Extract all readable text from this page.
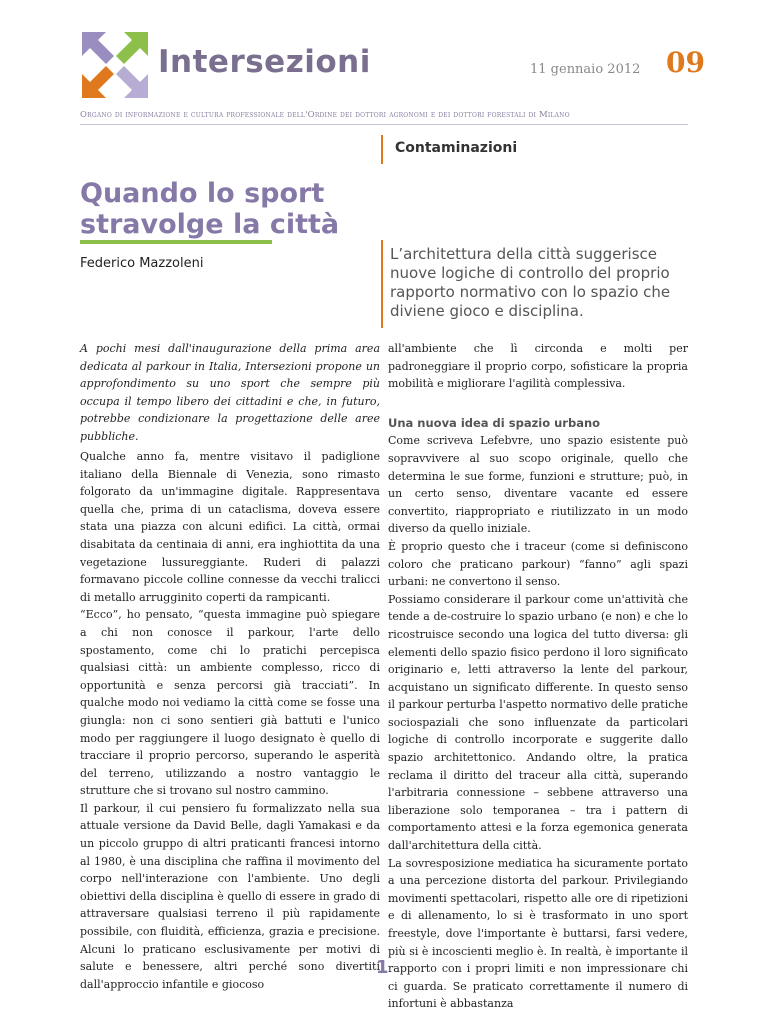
Intersezioni	11 gennaio 2012 09
Organo di informazione e cultura professionale dell'Ordine dei dottori agronomi e dei dottori forestali di Milano
Contaminazioni
Quando lo sport stravolge la città
Federico Mazzoleni
L’architettura della città suggerisce nuove logiche di controllo del proprio rapporto normativo con lo spazio che diviene gioco e disciplina.
A pochi mesi dall'inaugurazione della prima area dedicata al parkour in Italia, Intersezioni propone un approfondimento su uno sport che sempre più occupa il tempo libero dei cittadini e che, in futuro, potrebbe condizionare la progettazione delle aree pubbliche.

Qualche anno fa, mentre visitavo il padiglione italiano della Biennale di Venezia, sono rimasto folgorato da un'immagine digitale. Rappresentava quella che, prima di un cataclisma, doveva essere stata una piazza con alcuni edifici. La città, ormai disabitata da centinaia di anni, era inghiottita da una vegetazione lussureggiante. Ruderi di palazzi formavano piccole colline connesse da vecchi tralicci di metallo arrugginito coperti da rampicanti.

“Ecco”, ho pensato, “questa immagine può spiegare a chi non conosce il parkour, l'arte dello spostamento, come chi lo pratichi percepisca qualsiasi città: un ambiente complesso, ricco di opportunità e senza percorsi già tracciati”. In qualche modo noi vediamo la città come se fosse una giungla: non ci sono sentieri già battuti e l'unico modo per raggiungere il luogo designato è quello di tracciare il proprio percorso, superando le asperità del terreno, utilizzando a nostro vantaggio le strutture che si trovano sul nostro cammino.

Il parkour, il cui pensiero fu formalizzato nella sua attuale versione da David Belle, dagli Yamakasi e da un piccolo gruppo di altri praticanti francesi intorno al 1980, è una disciplina che raffina il movimento del corpo nell'interazione con l'ambiente. Uno degli obiettivi della disciplina è quello di essere in grado di attraversare qualsiasi terreno il più rapidamente possibile, con fluidità, efficienza, grazia e precisione. Alcuni lo praticano esclusivamente per motivi di salute e benessere, altri perché sono divertiti dall'approccio infantile e giocoso

all'ambiente che lì circonda e molti per padroneggiare il proprio corpo, sofisticare la propria mobilità e migliorare l'agilità complessiva.

Una nuova idea di spazio urbano

Come scriveva Lefebvre, uno spazio esistente può sopravvivere al suo scopo originale, quello che determina le sue forme, funzioni e strutture; può, in un certo senso, diventare vacante ed essere convertito, riappropriato e riutilizzato in un modo diverso da quello iniziale.

È proprio questo che i traceur (come si definiscono coloro che praticano parkour) “fanno” agli spazi urbani: ne convertono il senso.

Possiamo considerare il parkour come un'attività che tende a de-costruire lo spazio urbano (e non) e che lo ricostruisce secondo una logica del tutto diversa: gli elementi dello spazio fisico perdono il loro significato originario e, letti attraverso la lente del parkour, acquistano un significato differente. In questo senso il parkour perturba l'aspetto normativo delle pratiche sociospaziali che sono influenzate da particolari logiche di controllo incorporate e suggerite dallo spazio architettonico. Andando oltre, la pratica reclama il diritto del traceur alla città, superando l'arbitraria connessione – sebbene attraverso una liberazione solo temporanea – tra i pattern di comportamento attesi e la forza egemonica generata dall'architettura della città.

La sovresposizione mediatica ha sicuramente portato a una percezione distorta del parkour. Privilegiando movimenti spettacolari, rispetto alle ore di ripetizioni e di allenamento, lo si è trasformato in uno sport freestyle, dove l'importante è buttarsi, farsi vedere, più si è incoscienti meglio è. In realtà, è importante il rapporto con i propri limiti e non impressionare chi ci guarda. Se praticato correttamente il numero di infortuni è abbastanza

1
